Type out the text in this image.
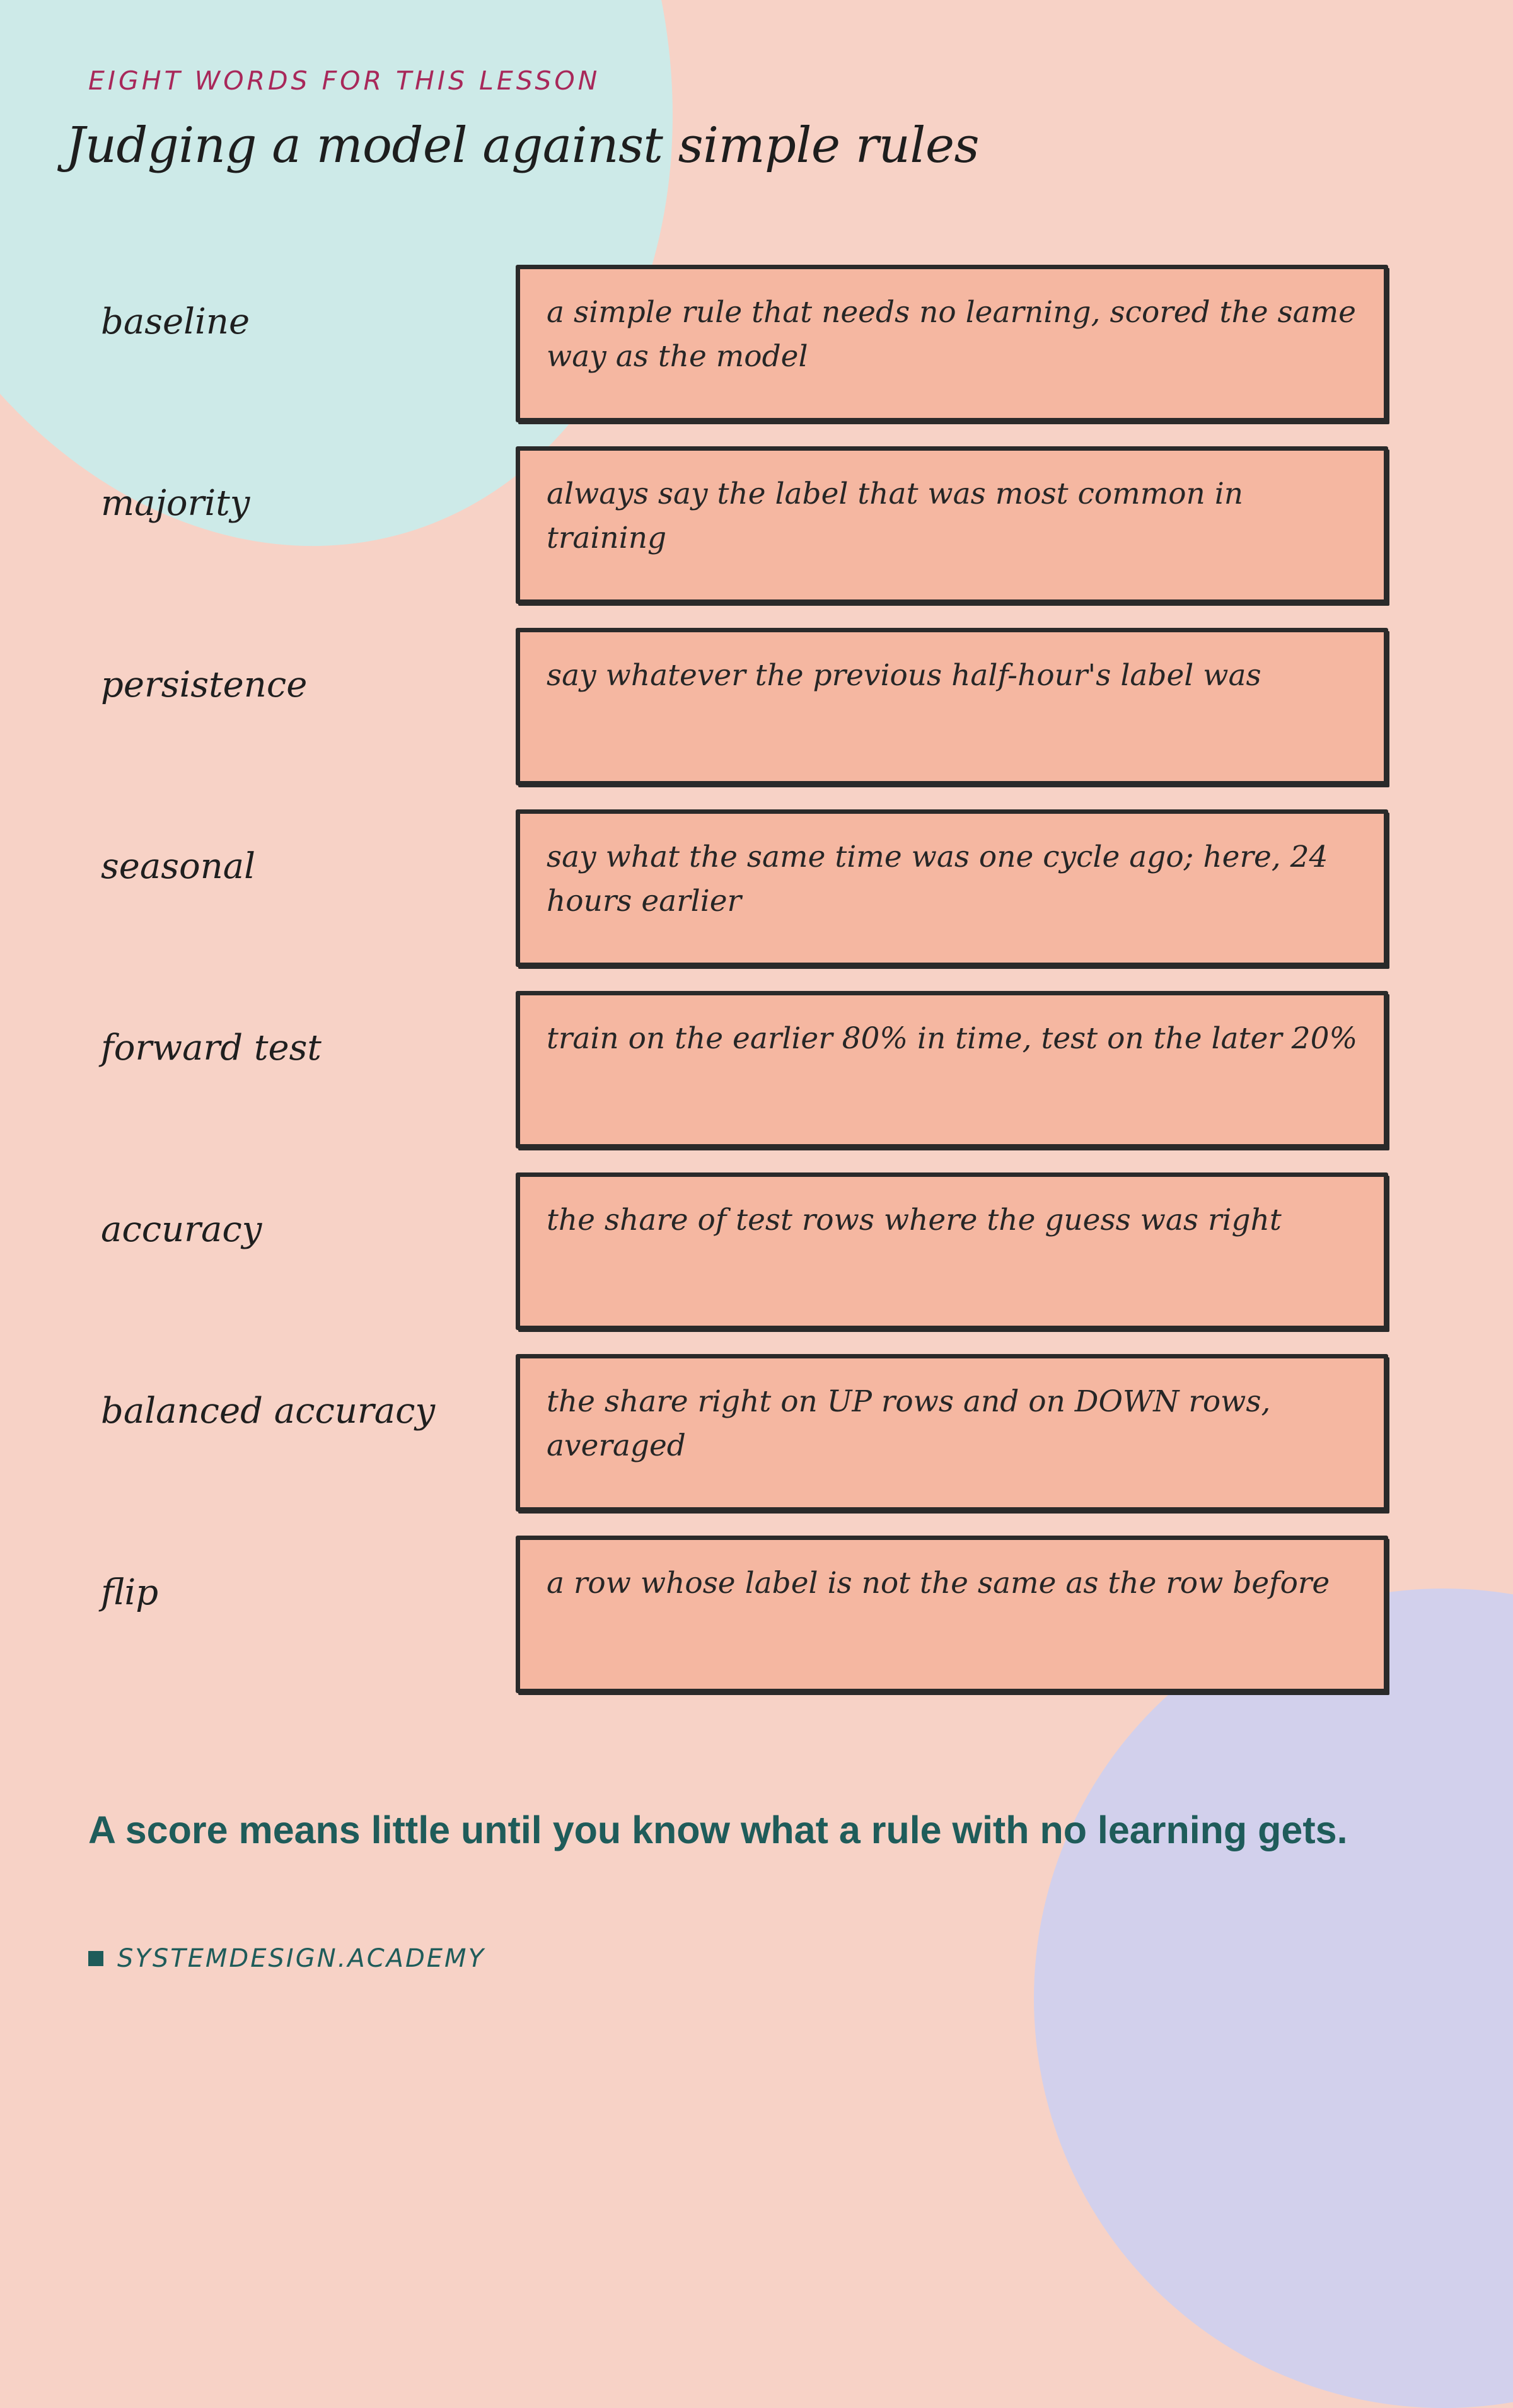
EIGHT WORDS FOR THIS LESSON
Judging a model against simple rules
baseline	a simple rule that needs no learning, scored the same way as the model
majority	always say the label that was most common in training
persistence	say whatever the previous half-hour's label was
seasonal	say what the same time was one cycle ago; here, 24 hours earlier
forward test	train on the earlier 80% in time, test on the later 20%
accuracy	the share of test rows where the guess was right
balanced accuracy	the share right on UP rows and on DOWN rows, averaged
flip	a row whose label is not the same as the row before

A score means little until you know what a rule with no learning gets.

SYSTEMDESIGN.ACADEMY
